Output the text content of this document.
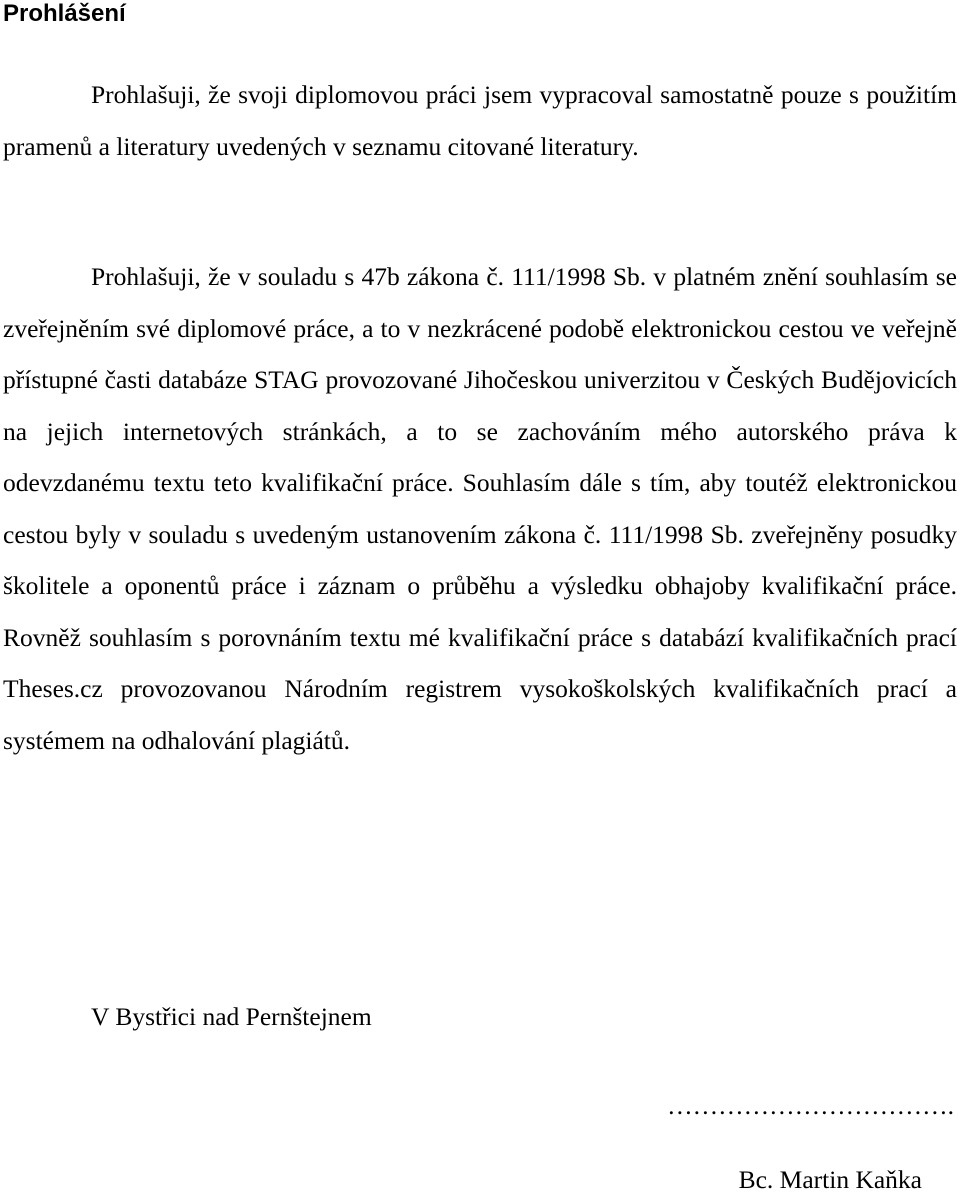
Prohlášení

Prohlašuji, že svoji diplomovou práci jsem vypracoval samostatně pouze s použitím pramenů a literatury uvedených v seznamu citované literatury.

Prohlašuji, že v souladu s 47b zákona č. 111/1998 Sb. v platném znění souhlasím se zveřejněním své diplomové práce, a to v nezkrácené podobě elektronickou cestou ve veřejně přístupné časti databáze STAG provozované Jihočeskou univerzitou v Českých Budějovicích na jejich internetových stránkách, a to se zachováním mého autorského práva k odevzdanému textu teto kvalifikační práce. Souhlasím dále s tím, aby toutéž elektronickou cestou byly v souladu s uvedeným ustanovením zákona č. 111/1998 Sb. zveřejněny posudky školitele a oponentů práce i záznam o průběhu a výsledku obhajoby kvalifikační práce. Rovněž souhlasím s porovnáním textu mé kvalifikační práce s databází kvalifikačních prací Theses.cz provozovanou Národním registrem vysokoškolských kvalifikačních prací a systémem na odhalování plagiátů.

V Bystřici nad Pernštejnem

…………………………….

Bc. Martin Kaňka
